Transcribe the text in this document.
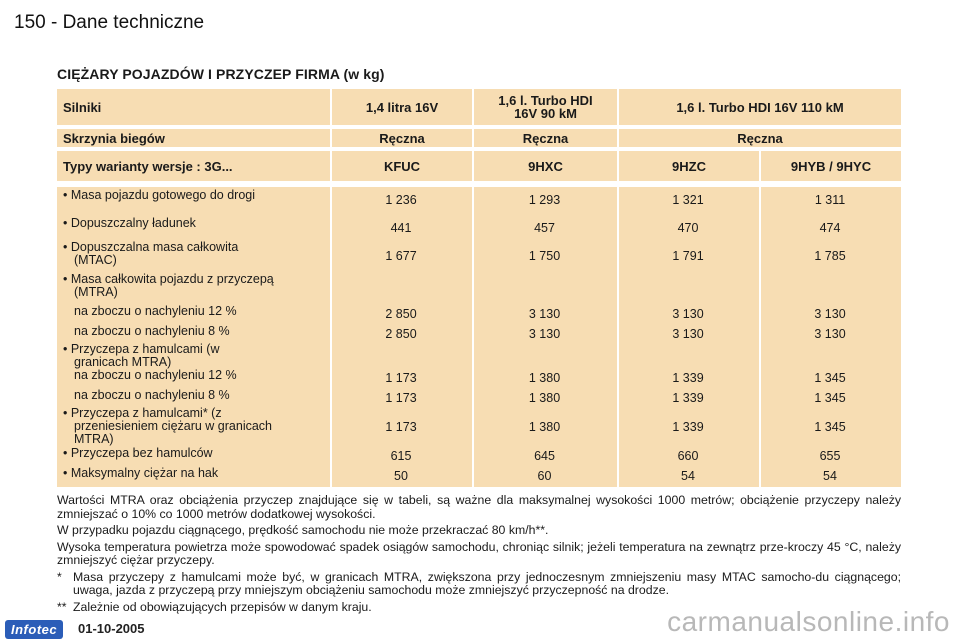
150 - Dane techniczne
CIĘŻARY POJAZDÓW I PRZYCZEP FIRMA (w kg)
Silniki	1,4 litra 16V	1,6 l. Turbo HDI
16V 90 kM	1,6 l. Turbo HDI 16V 110 kM
Skrzynia biegów	Ręczna	Ręczna	Ręczna
Typy warianty wersje : 3G...	KFUC	9HXC	9HZC	9HYB / 9HYC
• Masa pojazdu gotowego do drogi	1 236	1 293	1 321	1 311
• Dopuszczalny ładunek	441	457	470	474
• Dopuszczalna masa całkowita
(MTAC)	1 677	1 750	1 791	1 785
• Masa całkowita pojazdu z przyczepą
(MTRA)
na zboczu o nachyleniu 12 %	2 850	3 130	3 130	3 130
na zboczu o nachyleniu 8 %	2 850	3 130	3 130	3 130
• Przyczepa z hamulcami (w
granicach MTRA)
na zboczu o nachyleniu 12 %	1 173	1 380	1 339	1 345
na zboczu o nachyleniu 8 %	1 173	1 380	1 339	1 345
• Przyczepa z hamulcami* (z
przeniesieniem ciężaru w granicach
MTRA)
1 173	1 380	1 339	1 345
• Przyczepa bez hamulców	615	645	660	655
• Maksymalny ciężar na hak	50	60	54	54

Wartości MTRA oraz obciążenia przyczep znajdujące się w tabeli, są ważne dla maksymalnej wysokości 1000 metrów; obciążenie przyczepy należy zmniejszać o 10% co 1000 metrów dodatkowej wysokości.

W przypadku pojazdu ciągnącego, prędkość samochodu nie może przekraczać 80 km/h**.

Wysoka temperatura powietrza może spowodować spadek osiągów samochodu, chroniąc silnik; jeżeli temperatura na zewnątrz prze-kroczy 45 °C, należy zmniejszyć ciężar przyczepy.

* Masa przyczepy z hamulcami może być, w granicach MTRA, zwiększona przy jednoczesnym zmniejszeniu masy MTAC samocho-du ciągnącego; uwaga, jazda z przyczepą przy mniejszym obciążeniu samochodu może zmniejszyć przyczepność na drodze.

** Zależnie od obowiązujących przepisów w danym kraju.

Infotec	01-10-2005	carmanualsonline.info
